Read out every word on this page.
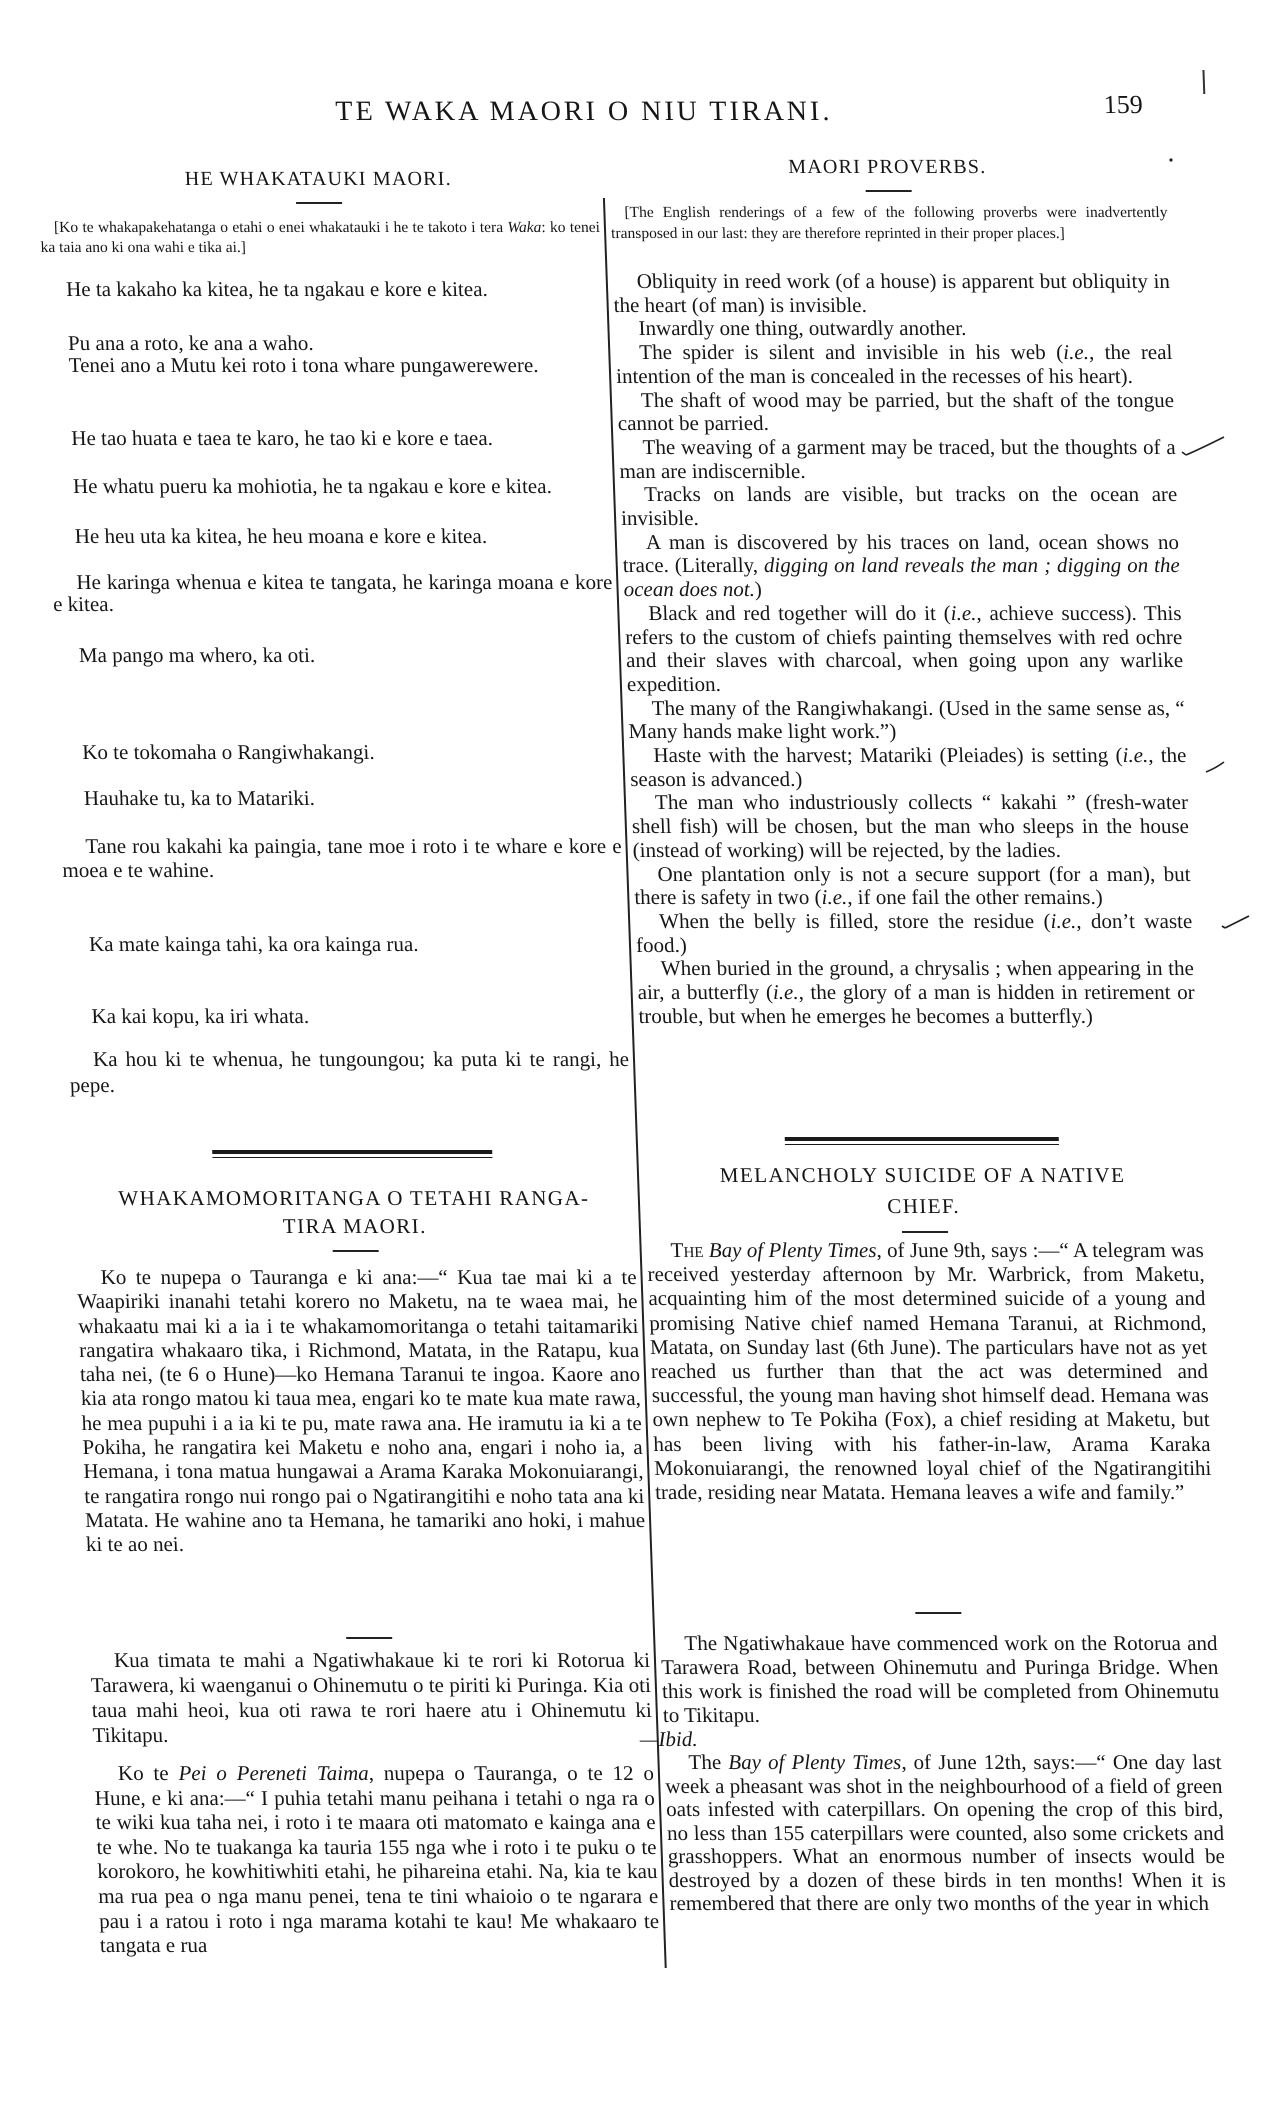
TE WAKA MAORI O NIU TIRANI.	159
HE WHAKATAUKI MAORI.

[Ko te whakapakehatanga o etahi o enei whakatauki i he te takoto i tera Waka: ko tenei ka taia ano ki ona wahi e tika ai.]

He ta kakaho ka kitea, he ta ngakau e kore e kitea.

Pu ana a roto, ke ana a waho.

Tenei ano a Mutu kei roto i tona whare pungawerewere.

He tao huata e taea te karo, he tao ki e kore e taea.

He whatu pueru ka mohiotia, he ta ngakau e kore e kitea.

He heu uta ka kitea, he heu moana e kore e kitea.

He karinga whenua e kitea te tangata, he karinga moana e kore e kitea.

Ma pango ma whero, ka oti.

Ko te tokomaha o Rangiwhakangi.

Hauhake tu, ka to Matariki.

Tane rou kakahi ka paingia, tane moe i roto i te whare e kore e moea e te wahine.

Ka mate kainga tahi, ka ora kainga rua.

Ka kai kopu, ka iri whata.

Ka hou ki te whenua, he tungoungou; ka puta ki te rangi, he pepe.

WHAKAMOMORITANGA O TETAHI RANGA-
TIRA MAORI.

Ko te nupepa o Tauranga e ki ana:—“ Kua tae mai ki a te Waapiriki inanahi tetahi korero no Maketu, na te waea mai, he whakaatu mai ki a ia i te whakamomoritanga o tetahi taitamariki rangatira whakaaro tika, i Richmond, Matata, in the Ratapu, kua taha nei, (te 6 o Hune)—ko Hemana Taranui te ingoa. Kaore ano kia ata rongo matou ki taua mea, engari ko te mate kua mate rawa, he mea pupuhi i a ia ki te pu, mate rawa ana. He iramutu ia ki a te Pokiha, he rangatira kei Maketu e noho ana, engari i noho ia, a Hemana, i tona matua hungawai a Arama Karaka Mokonuiarangi, te rangatira rongo nui rongo pai o Ngatirangitihi e noho tata ana ki Matata. He wahine ano ta Hemana, he tamariki ano hoki, i mahue ki te ao nei.

Kua timata te mahi a Ngatiwhakaue ki te rori ki Rotorua ki Tarawera, ki waenganui o Ohinemutu o te piriti ki Puringa. Kia oti taua mahi heoi, kua oti rawa te rori haere atu i Ohinemutu ki Tikitapu.

Ko te Pei o Pereneti Taima, nupepa o Tauranga, o te 12 o Hune, e ki ana:—“ I puhia tetahi manu peihana i tetahi o nga ra o te wiki kua taha nei, i roto i te maara oti matomato e kainga ana e te whe. No te tuakanga ka tauria 155 nga whe i roto i te puku o te korokoro, he kowhitiwhiti etahi, he pihareina etahi. Na, kia te kau ma rua pea o nga manu penei, tena te tini whaioio o te ngarara e pau i a ratou i roto i nga marama kotahi te kau! Me whakaaro te tangata e rua

MAORI PROVERBS.

[The English renderings of a few of the following proverbs were inadvertently transposed in our last: they are therefore reprinted in their proper places.]

Obliquity in reed work (of a house) is apparent but obliquity in the heart (of man) is invisible.

Inwardly one thing, outwardly another.

The spider is silent and invisible in his web (i.e., the real intention of the man is concealed in the recesses of his heart).

The shaft of wood may be parried, but the shaft of the tongue cannot be parried.

The weaving of a garment may be traced, but the thoughts of a man are indiscernible.

Tracks on lands are visible, but tracks on the ocean are invisible.

A man is discovered by his traces on land, ocean shows no trace. (Literally, digging on land reveals the man ; digging on the ocean does not.)

Black and red together will do it (i.e., achieve success). This refers to the custom of chiefs painting themselves with red ochre and their slaves with charcoal, when going upon any warlike expedition.

The many of the Rangiwhakangi. (Used in the same sense as, “ Many hands make light work.”)

Haste with the harvest; Matariki (Pleiades) is setting (i.e., the season is advanced.)

The man who industriously collects “ kakahi ” (fresh-water shell fish) will be chosen, but the man who sleeps in the house (instead of working) will be rejected, by the ladies.

One plantation only is not a secure support (for a man), but there is safety in two (i.e., if one fail the other remains.)

When the belly is filled, store the residue (i.e., don’t waste food.)

When buried in the ground, a chrysalis ; when appearing in the air, a butterfly (i.e., the glory of a man is hidden in retirement or trouble, but when he emerges he becomes a butterfly.)

MELANCHOLY SUICIDE OF A NATIVE
CHIEF.

The Bay of Plenty Times, of June 9th, says :—“ A telegram was received yesterday afternoon by Mr. Warbrick, from Maketu, acquainting him of the most determined suicide of a young and promising Native chief named Hemana Taranui, at Richmond, Matata, on Sunday last (6th June). The particulars have not as yet reached us further than that the act was determined and successful, the young man having shot himself dead. Hemana was own nephew to Te Pokiha (Fox), a chief residing at Maketu, but has been living with his father-in-law, Arama Karaka Mokonuiarangi, the renowned loyal chief of the Ngatirangitihi trade, residing near Matata. Hemana leaves a wife and family.”

The Ngatiwhakaue have commenced work on the Rotorua and Tarawera Road, between Ohinemutu and Puringa Bridge. When this work is finished the road will be completed from Ohinemutu to Tikitapu.
—Ibid.

The Bay of Plenty Times, of June 12th, says:—“ One day last week a pheasant was shot in the neighbourhood of a field of green oats infested with caterpillars. On opening the crop of this bird, no less than 155 caterpillars were counted, also some crickets and grasshoppers. What an enormous number of insects would be destroyed by a dozen of these birds in ten months! When it is remembered that there are only two months of the year in which
